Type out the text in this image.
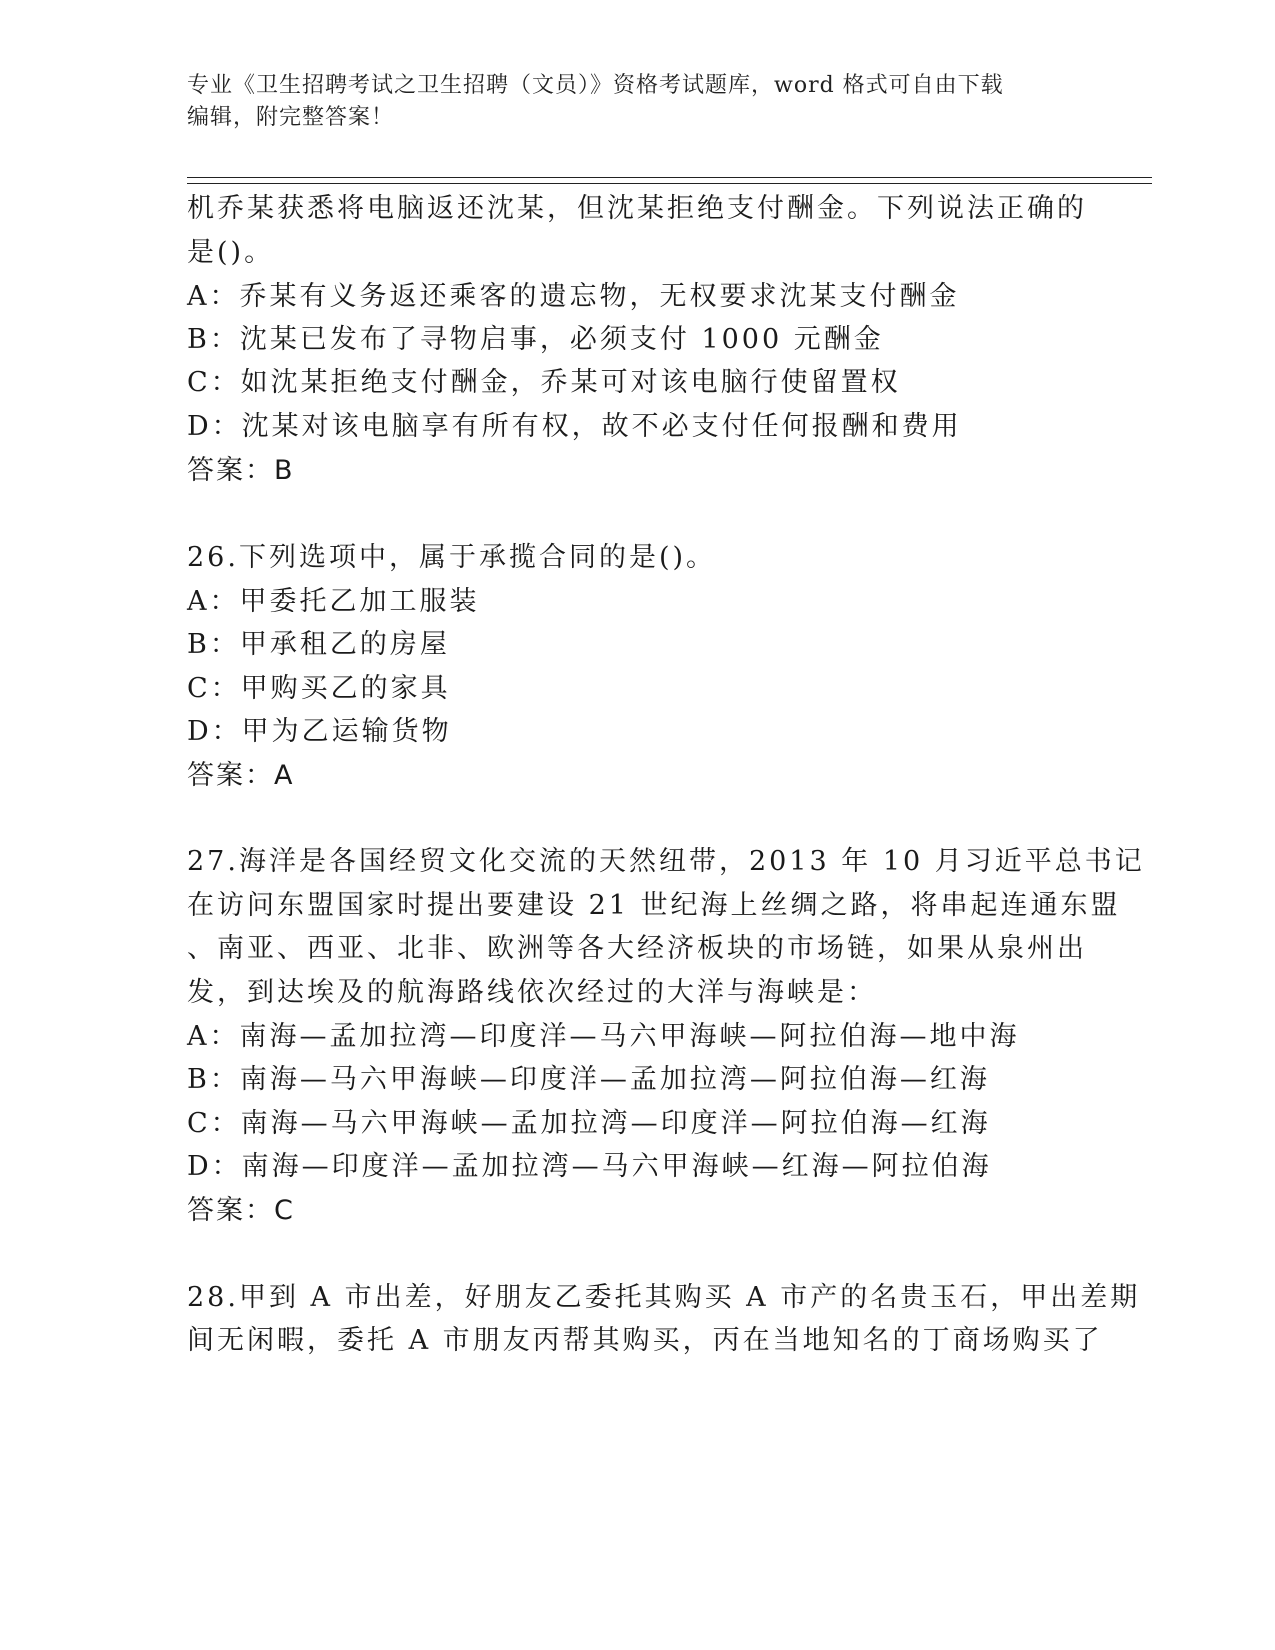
专业《卫生招聘考试之卫生招聘（文员）》资格考试题库，word 格式可自由下载
编辑，附完整答案！
机乔某获悉将电脑返还沈某，但沈某拒绝支付酬金。下列说法正确的
是()。
A：乔某有义务返还乘客的遗忘物，无权要求沈某支付酬金
B：沈某已发布了寻物启事，必须支付 1000 元酬金
C：如沈某拒绝支付酬金，乔某可对该电脑行使留置权
D：沈某对该电脑享有所有权，故不必支付任何报酬和费用
答案：B
26.下列选项中，属于承揽合同的是()。
A：甲委托乙加工服装
B：甲承租乙的房屋
C：甲购买乙的家具
D：甲为乙运输货物
答案：A
27.海洋是各国经贸文化交流的天然纽带，2013 年 10 月习近平总书记
在访问东盟国家时提出要建设 21 世纪海上丝绸之路，将串起连通东盟
、南亚、西亚、北非、欧洲等各大经济板块的市场链，如果从泉州出
发，到达埃及的航海路线依次经过的大洋与海峡是：
A：南海—孟加拉湾—印度洋—马六甲海峡—阿拉伯海—地中海
B：南海—马六甲海峡—印度洋—孟加拉湾—阿拉伯海—红海
C：南海—马六甲海峡—孟加拉湾—印度洋—阿拉伯海—红海
D：南海—印度洋—孟加拉湾—马六甲海峡—红海—阿拉伯海
答案：C
28.甲到 A 市出差，好朋友乙委托其购买 A 市产的名贵玉石，甲出差期
间无闲暇，委托 A 市朋友丙帮其购买，丙在当地知名的丁商场购买了
